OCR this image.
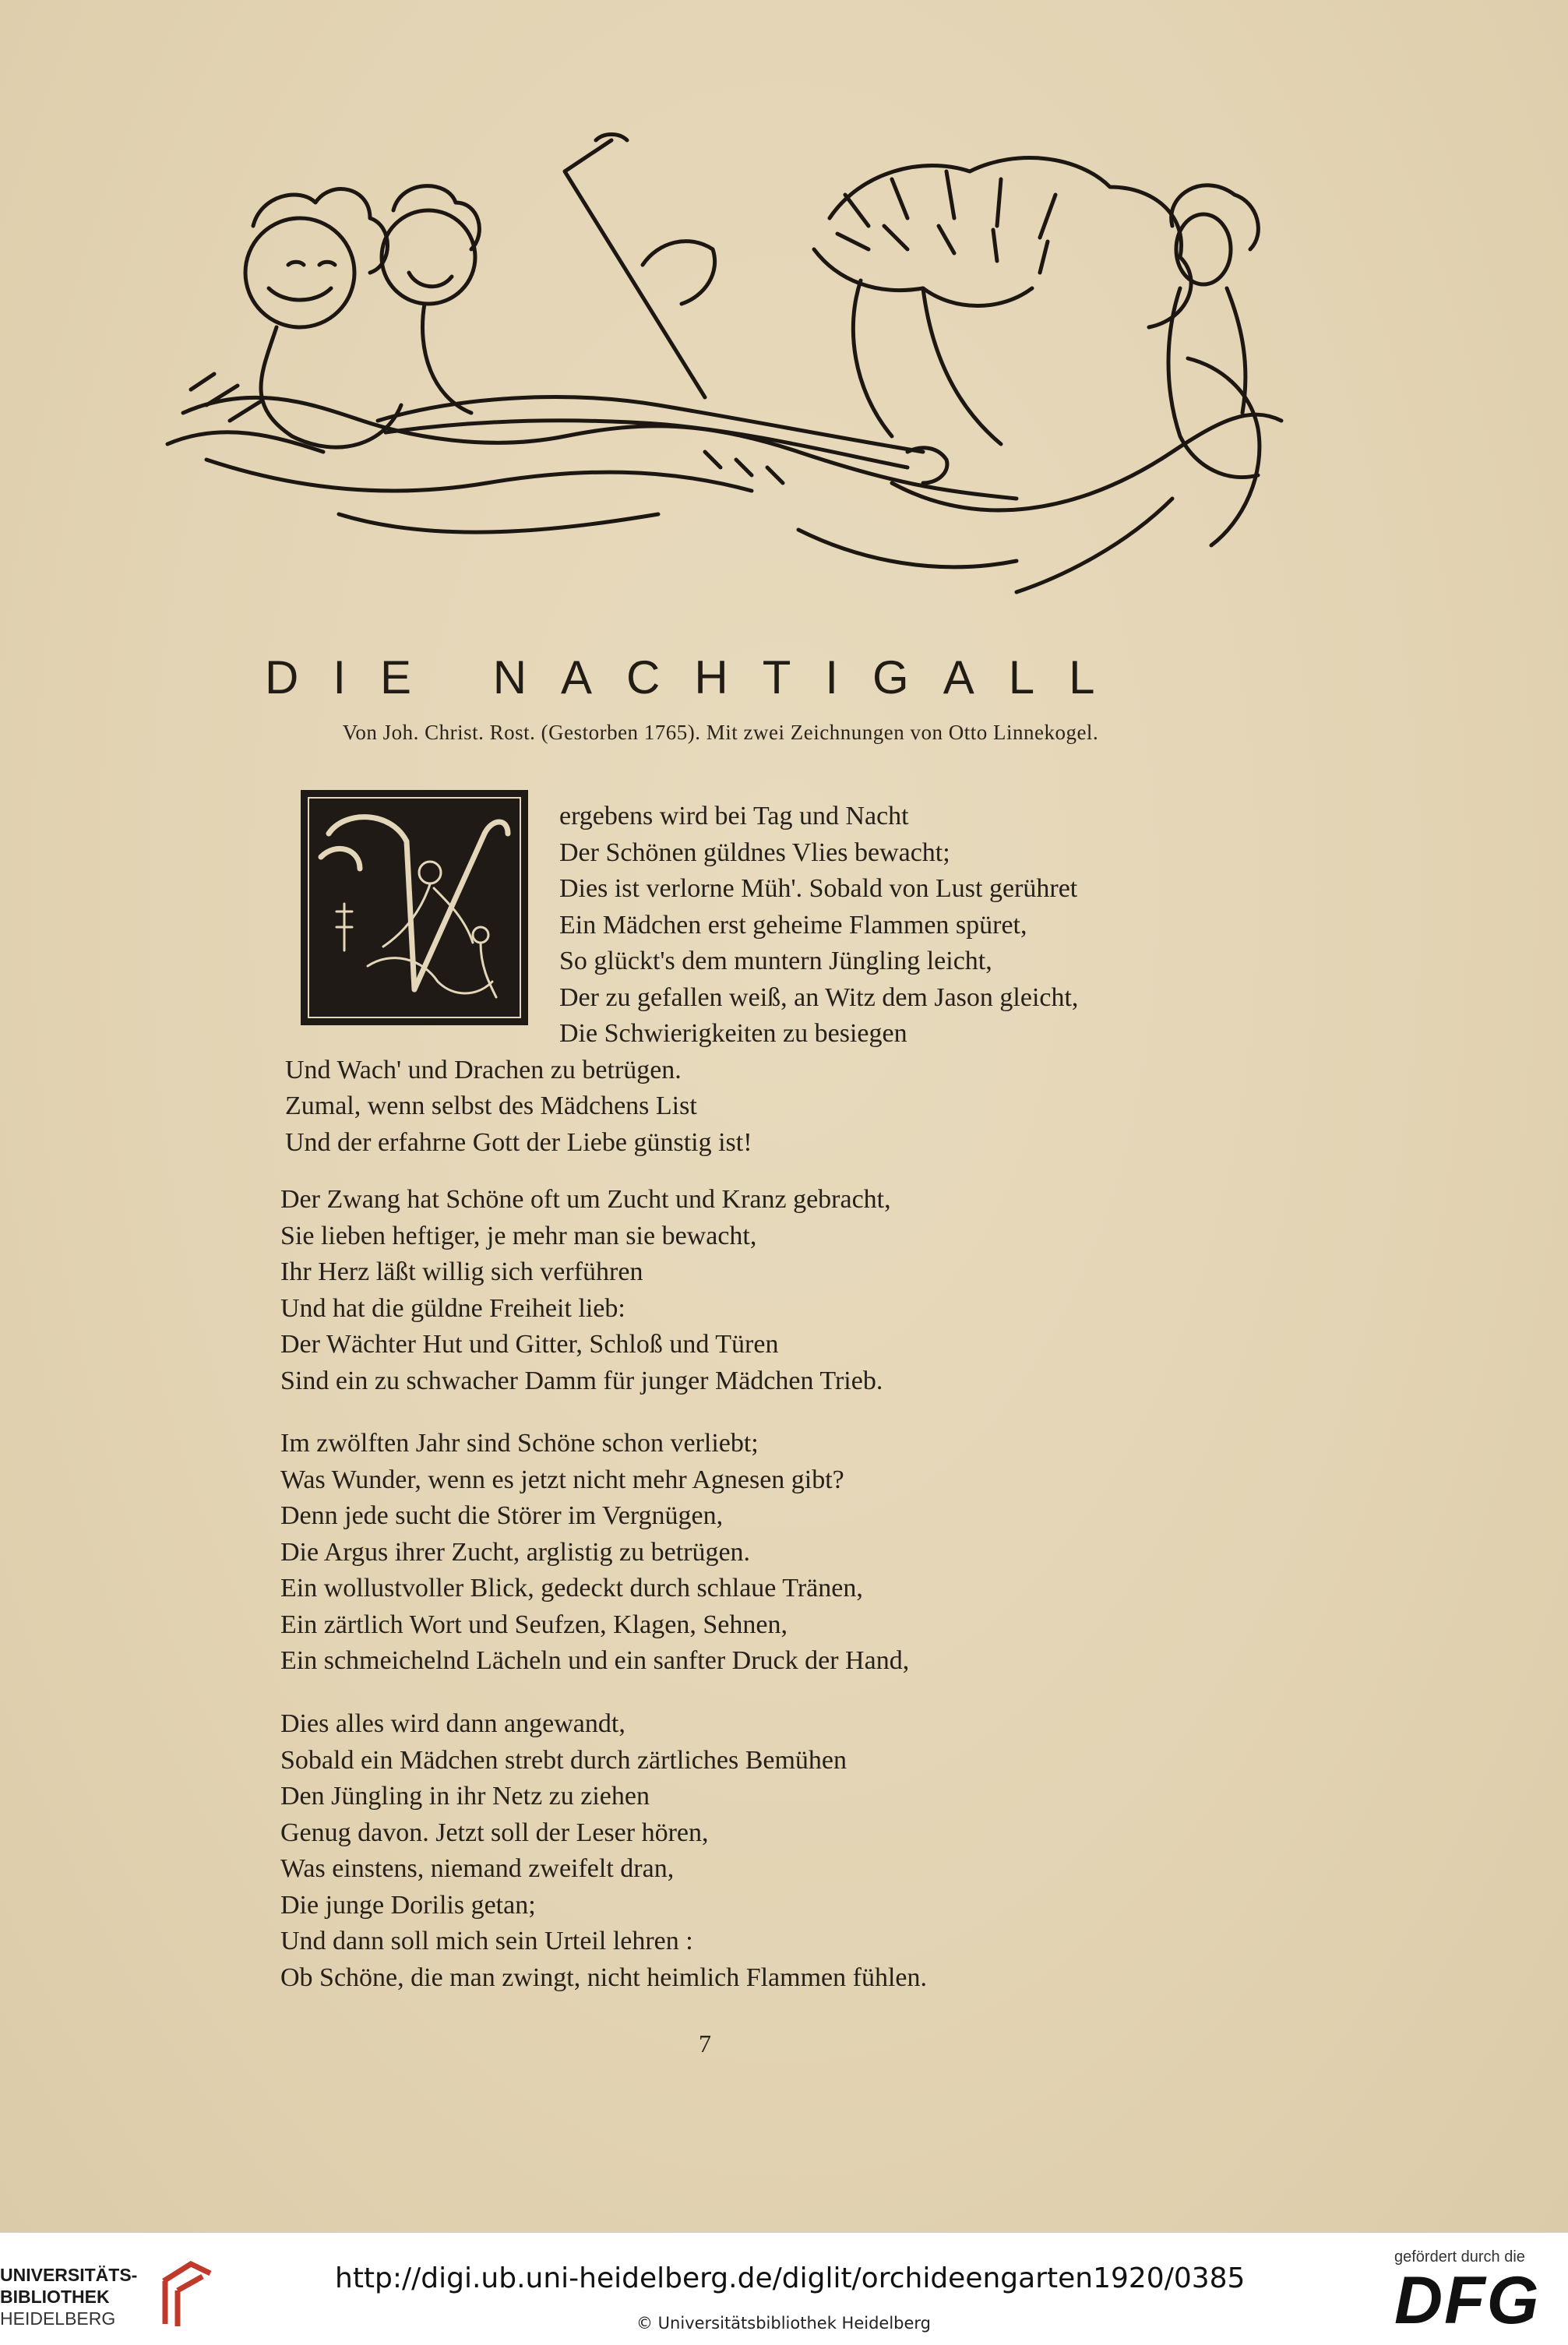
DIE NACHTIGALL
Von Joh. Christ. Rost. (Gestorben 1765). Mit zwei Zeichnungen von Otto Linnekogel.
V
ergebens wird bei Tag und Nacht
Der Schönen güldnes Vlies bewacht;
Dies ist verlorne Müh'. Sobald von Lust gerühret
Ein Mädchen erst geheime Flammen spüret,
So glückt's dem muntern Jüngling leicht,
Der zu gefallen weiß, an Witz dem Jason gleicht,
Die Schwierigkeiten zu besiegen
Und Wach' und Drachen zu betrügen.
Zumal, wenn selbst des Mädchens List
Und der erfahrne Gott der Liebe günstig ist!
Der Zwang hat Schöne oft um Zucht und Kranz gebracht,
Sie lieben heftiger, je mehr man sie bewacht,
Ihr Herz läßt willig sich verführen
Und hat die güldne Freiheit lieb:
Der Wächter Hut und Gitter, Schloß und Türen
Sind ein zu schwacher Damm für junger Mädchen Trieb.
Im zwölften Jahr sind Schöne schon verliebt;
Was Wunder, wenn es jetzt nicht mehr Agnesen gibt?
Denn jede sucht die Störer im Vergnügen,
Die Argus ihrer Zucht, arglistig zu betrügen.
Ein wollustvoller Blick, gedeckt durch schlaue Tränen,
Ein zärtlich Wort und Seufzen, Klagen, Sehnen,
Ein schmeichelnd Lächeln und ein sanfter Druck der Hand,
Dies alles wird dann angewandt,
Sobald ein Mädchen strebt durch zärtliches Bemühen
Den Jüngling in ihr Netz zu ziehen
Genug davon. Jetzt soll der Leser hören,
Was einstens, niemand zweifelt dran,
Die junge Dorilis getan;
Und dann soll mich sein Urteil lehren :
Ob Schöne, die man zwingt, nicht heimlich Flammen fühlen.
7
UNIVERSITÄTS-
BIBLIOTHEK
HEIDELBERG
http://digi.ub.uni-heidelberg.de/diglit/orchideengarten1920/0385
© Universitätsbibliothek Heidelberg
gefördert durch die
DFG
